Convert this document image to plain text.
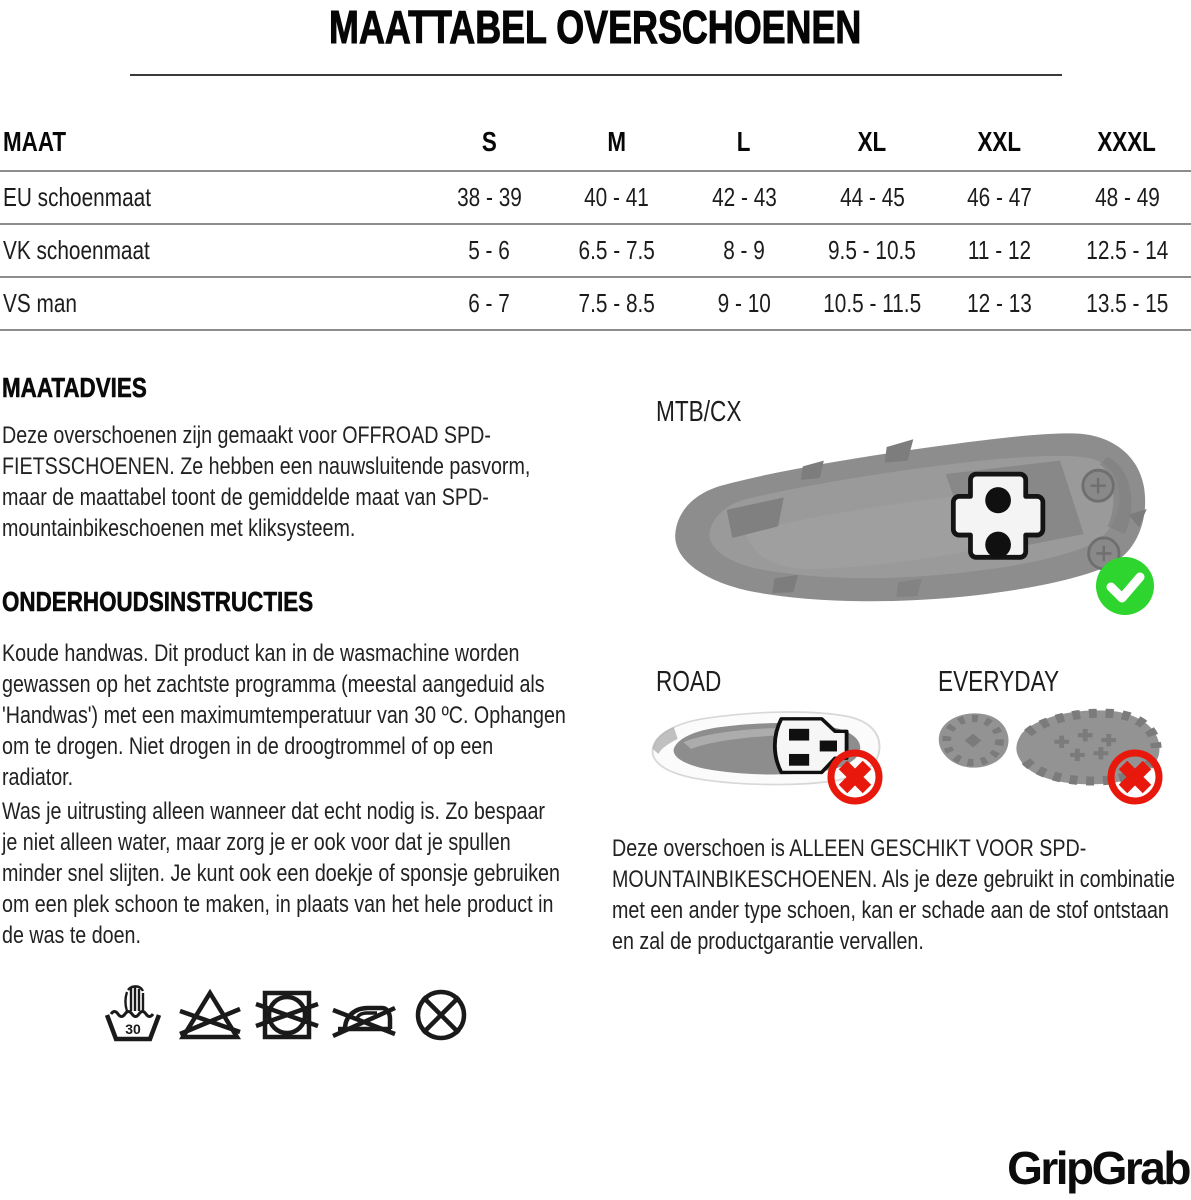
MAATTABEL OVERSCHOENEN
MAAT	S	M	L	XL	XXL	XXXL
EU schoenmaat	38 - 39	40 - 41	42 - 43	44 - 45	46 - 47	48 - 49
VK schoenmaat	5 - 6	6.5 - 7.5	8 - 9	9.5 - 10.5	11 - 12	12.5 - 14
VS man	6 - 7	7.5 - 8.5	9 - 10	10.5 - 11.5	12 - 13	13.5 - 15
MAATADVIES
Deze overschoenen zijn gemaakt voor OFFROAD SPD-FIETSSCHOENEN. Ze hebben een nauwsluitende pasvorm, maar de maattabel toont de gemiddelde maat van SPD-mountainbikeschoenen met kliksysteem.
ONDERHOUDSINSTRUCTIES
Koude handwas. Dit product kan in de wasmachine worden gewassen op het zachtste programma (meestal aangeduid als 'Handwas') met een maximumtemperatuur van 30 ºC. Ophangen om te drogen. Niet drogen in de droogtrommel of op een radiator.
Was je uitrusting alleen wanneer dat echt nodig is. Zo bespaar je niet alleen water, maar zorg je er ook voor dat je spullen minder snel slijten. Je kunt ook een doekje of sponsje gebruiken om een plek schoon te maken, in plaats van het hele product in de was te doen.
30
MTB/CX
ROAD	EVERYDAY
Deze overschoen is ALLEEN GESCHIKT VOOR SPD-MOUNTAINBIKESCHOENEN. Als je deze gebruikt in combinatie met een ander type schoen, kan er schade aan de stof ontstaan en zal de productgarantie vervallen.
GripGrab
